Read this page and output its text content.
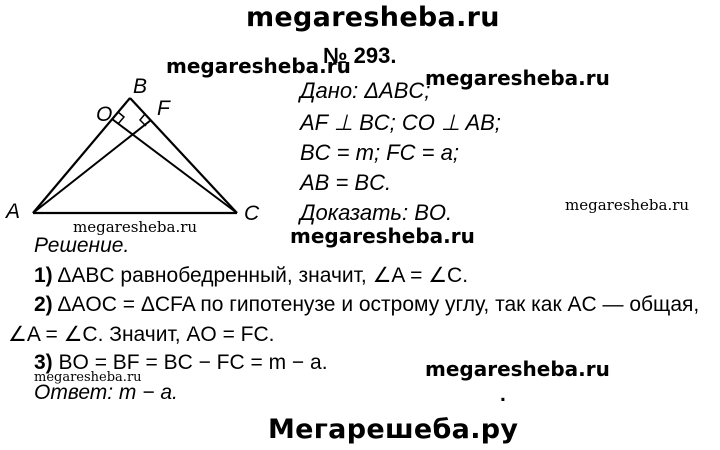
megaresheba.ru
megaresheba.ru	megaresheba.ru
megaresheba.ru	megaresheba.ru
megaresheba.ru
megaresheba.ru
megaresheba.ru
Мегарешеба.ру
№ 293.
B
O F
A	C
Дано: ΔABC;
AF ⊥ BC; CO ⊥ AB;
BC = m; FC = a;
AB = BC.
Доказать: BO.
Решение.
1) ΔABC равнобедренный, значит, ∠A = ∠C.
2) ΔAOC = ΔCFA по гипотенузе и острому углу, так как AC — общая,
∠A = ∠C. Значит, AO = FC.
3) BO = BF = BC − FC = m − a.
Ответ: m − a.	.
